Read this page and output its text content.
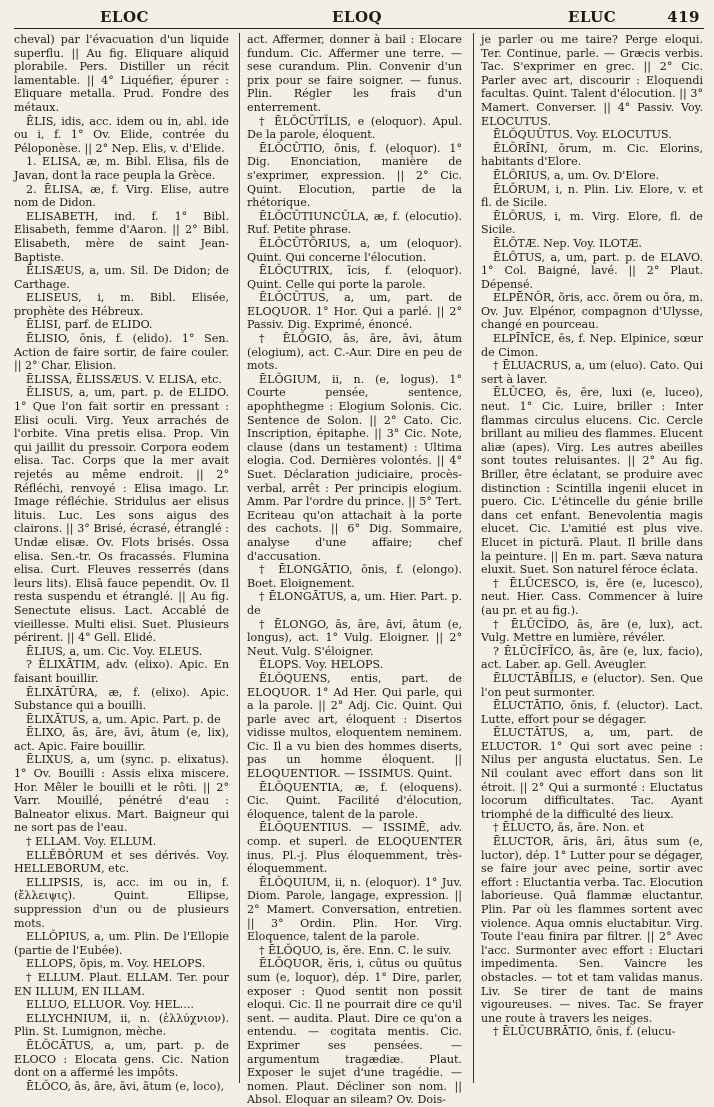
ELOC	ELOQ	ELUC	419

cheval) par l'évacuation d'un liquide superflu. || Au fig. Eliquare aliquid plorabile. Pers. Distiller un récit lamentable. || 4° Liquéfier, épurer : Eliquare metalla. Prud. Fondre des métaux.

ĒLIS, idis, acc. idem ou in, abl. ide ou i, f. 1° Ov. Elide, contrée du Péloponèse. || 2° Nep. Elis, v. d'Elide.

1. ELISA, æ, m. Bibl. Elisa, fils de Javan, dont la race peupla la Grèce.

2. ĒLISA, æ, f. Virg. Elise, autre nom de Didon.

ELISABETH, ind. f. 1° Bibl. Elisabeth, femme d'Aaron. || 2° Bibl. Elisabeth, mère de saint Jean-Baptiste.

ĒLISÆUS, a, um. Sil. De Didon; de Carthage.

ELISEUS, i, m. Bibl. Elisée, prophète des Hébreux.

ĒLISI, parf. de ELIDO.

ĒLISIO, ōnis, f. (elido). 1° Sen. Action de faire sortir, de faire couler. || 2° Char. Elision.

ĒLISSA, ĒLISSÆUS. V. ELISA, etc.

ĒLISUS, a, um, part. p. de ELIDO. 1° Que l'on fait sortir en pressant : Elisi oculi. Virg. Yeux arrachés de l'orbite. Vina pretis elisa. Prop. Vin qui jaillit du pressoir. Corpora eodem elisa. Tac. Corps que la mer avait rejetés au même endroit. || 2° Réfléchi, renvoyé : Elisa imago. Lr. Image réfléchie. Stridulus aer elisus lituis. Luc. Les sons aigus des clairons. || 3° Brisé, écrasé, étranglé : Undæ elisæ. Ov. Flots brisés. Ossa elisa. Sen.-tr. Os fracassés. Flumina elisa. Curt. Fleuves resserrés (dans leurs lits). Elisā fauce pependit. Ov. Il resta suspendu et étranglé. || Au fig. Senectute elisus. Lact. Accablé de vieillesse. Multi elisi. Suet. Plusieurs périrent. || 4° Gell. Elidé.

ĒLIUS, a, um. Cic. Voy. ELEUS.

? ĒLIXĀTIM, adv. (elixo). Apic. En faisant bouillir.

ĒLIXĀTŪRA, æ, f. (elixo). Apic. Substance qui a bouilli.

ĒLIXĀTUS, a, um. Apic. Part. p. de

ĒLIXO, ās, āre, āvi, ātum (e, lix), act. Apic. Faire bouillir.

ĒLIXUS, a, um (sync. p. elixatus). 1° Ov. Bouilli : Assis elixa miscere. Hor. Mêler le bouilli et le rôti. || 2° Varr. Mouillé, pénétré d'eau : Balneator elixus. Mart. Baigneur qui ne sort pas de l'eau.

† ELLAM. Voy. ELLUM.

ELLĔBŎRUM et ses dérivés. Voy. HELLEBORUM, etc.

ELLIPSIS, is, acc. im ou in, f. (ἔλλειψις). Quint. Ellipse, suppression d'un ou de plusieurs mots.

ELLŎPIUS, a, um. Plin. De l'Ellopie (partie de l'Eubée).

ELLOPS, ŏpis, m. Voy. HELOPS.

† ELLUM. Plaut. ELLAM. Ter. pour EN ILLUM, EN ILLAM.

ELLUO, ELLUOR. Voy. HEL....

ELLYCHNIUM, ii, n. (ἐλλύχνιον). Plin. St. Lumignon, mèche.

ĒLŎCĀTUS, a, um, part. p. de ELOCO : Elocata gens. Cic. Nation dont on a affermé les impôts.

ĒLŎCO, ās, āre, āvi, ātum (e, loco),

act. Affermer, donner à bail : Elocare fundum. Cic. Affermer une terre. — sese curandum. Plin. Convenir d'un prix pour se faire soigner. — funus. Plin. Régler les frais d'un enterrement.

† ĒLŎCŪTĬLIS, e (eloquor). Apul. De la parole, éloquent.

ĒLŎCŪTIO, ōnis, f. (eloquor). 1° Dig. Enonciation, manière de s'exprimer, expression. || 2° Cic. Quint. Elocution, partie de la rhétorique.

ĒLŎCŪTIUNCŬLA, æ, f. (elocutio). Ruf. Petite phrase.

ĒLŎCŪTŌRIUS, a, um (eloquor). Quint. Qui concerne l'élocution.

ĒLŎCUTRIX, īcis, f. (eloquor). Quint. Celle qui porte la parole.

ĒLŎCŪTUS, a, um, part. de ELOQUOR. 1° Hor. Qui a parlé. || 2° Passiv. Dig. Exprimé, énoncé.

† ĒLŎGIO, ās, āre, āvi, ātum (elogium), act. C.-Aur. Dire en peu de mots.

ĒLŎGIUM, ii, n. (e, logus). 1° Courte pensée, sentence, apophthegme : Elogium Solonis. Cic. Sentence de Solon. || 2° Cato. Cic. Inscription, épitaphe. || 3° Cic. Note, clause (dans un testament) : Ultima elogia. Cod. Dernières volontés. || 4° Suet. Déclaration judiciaire, procès-verbal, arrêt : Per principis elogium. Amm. Par l'ordre du prince. || 5° Tert. Ecriteau qu'on attachait à la porte des cachots. || 6° Dig. Sommaire, analyse d'une affaire; chef d'accusation.

† ĒLONGĀTIO, ōnis, f. (elongo). Boet. Eloignement.

† ĒLONGĀTUS, a, um. Hier. Part. p. de

† ĒLONGO, ās, āre, āvi, ātum (e, longus), act. 1° Vulg. Eloigner. || 2° Neut. Vulg. S'éloigner.

ĒLOPS. Voy. HELOPS.

ĒLŎQUENS, entis, part. de ELOQUOR. 1° Ad Her. Qui parle, qui a la parole. || 2° Adj. Cic. Quint. Qui parle avec art, éloquent : Disertos vidisse multos, eloquentem neminem. Cic. Il a vu bien des hommes diserts, pas un homme éloquent. || ELOQUENTIOR. — ISSIMUS. Quint.

ĒLŎQUENTIA, æ, f. (eloquens). Cic. Quint. Facilité d'élocution, éloquence, talent de la parole.

ĒLŎQUENTIUS. — ISSIMĒ, adv. comp. et superl. de ELOQUENTER inus. Pl.-j. Plus éloquemment, très-éloquemment.

ĒLŎQUIUM, ii, n. (eloquor). 1° Juv. Diom. Parole, langage, expression. || 2° Mamert. Conversation, entretien. || 3° Ordin. Plin. Hor. Virg. Eloquence, talent de la parole.

† ĒLŎQUO, is, ĕre. Enn. C. le suiv.

ĒLŎQUOR, ĕris, i, cūtus ou quūtus sum (e, loquor), dép. 1° Dire, parler, exposer : Quod sentit non possit eloqui. Cic. Il ne pourrait dire ce qu'il sent. — audita. Plaut. Dire ce qu'on a entendu. — cogitata mentis. Cic. Exprimer ses pensées. — argumentum tragædiæ. Plaut. Exposer le sujet d'une tragédie. — nomen. Plaut. Décliner son nom. || Absol. Eloquar an sileam? Ov. Dois-

je parler ou me taire? Perge eloqui. Ter. Continue, parle. — Græcis verbis. Tac. S'exprimer en grec. || 2° Cic. Parler avec art, discourir : Eloquendi facultas. Quint. Talent d'élocution. || 3° Mamert. Converser. || 4° Passiv. Voy. ELOCUTUS.

ĒLŎQUŪTUS. Voy. ELOCUTUS.

ĒLŌRĪNI, ōrum, m. Cic. Elorins, habitants d'Elore.

ĒLŌRIUS, a, um. Ov. D'Elore.

ĒLŌRUM, i, n. Plin. Liv. Elore, v. et fl. de Sicile.

ĒLŌRUS, i, m. Virg. Elore, fl. de Sicile.

ĒLŌTÆ. Nep. Voy. ILOTÆ.

ĒLŌTUS, a, um, part. p. de ELAVO. 1° Col. Baigné, lavé. || 2° Plaut. Dépensé.

ELPĒNŎR, ŏris, acc. ŏrem ou ŏra, m. Ov. Juv. Elpénor, compagnon d'Ulysse, changé en pourceau.

ELPĪNĪCE, ēs, f. Nep. Elpinice, sœur de Cimon.

† ĒLUACRUS, a, um (eluo). Cato. Qui sert à laver.

ĒLŪCEO, ēs, ēre, luxi (e, luceo), neut. 1° Cic. Luire, briller : Inter flammas circulus elucens. Cic. Cercle brillant au milieu des flammes. Elucent aliæ (apes). Virg. Les autres abeilles sont toutes reluisantes. || 2° Au fig. Briller, être éclatant, se produire avec distinction : Scintilla ingenii elucet in puero. Cic. L'étincelle du génie brille dans cet enfant. Benevolentia magis elucet. Cic. L'amitié est plus vive. Elucet in picturā. Plaut. Il brille dans la peinture. || En m. part. Sæva natura eluxit. Suet. Son naturel féroce éclata.

† ĒLŪCESCO, is, ĕre (e, lucesco), neut. Hier. Cass. Commencer à luire (au pr. et au fig.).

† ĒLŪCĬDO, ās, āre (e, lux), act. Vulg. Mettre en lumière, révéler.

? ĒLŪCĬFĬCO, ās, āre (e, lux, facio), act. Laber. ap. Gell. Aveugler.

ĒLUCTĀBĬLIS, e (eluctor). Sen. Que l'on peut surmonter.

ĒLUCTĀTIO, ōnis, f. (eluctor). Lact. Lutte, effort pour se dégager.

ĒLUCTĀTUS, a, um, part. de ELUCTOR. 1° Qui sort avec peine : Nilus per angusta eluctatus. Sen. Le Nil coulant avec effort dans son lit étroit. || 2° Qui a surmonté : Eluctatus locorum difficultates. Tac. Ayant triomphé de la difficulté des lieux.

† ĒLUCTO, ās, āre. Non. et

ĒLUCTOR, āris, āri, ātus sum (e, luctor), dép. 1° Lutter pour se dégager, se faire jour avec peine, sortir avec effort : Eluctantia verba. Tac. Elocution laborieuse. Quā flammæ eluctantur. Plin. Par où les flammes sortent avec violence. Aqua omnis eluctabitur. Virg. Toute l'eau finira par filtrer. || 2° Avec l'acc. Surmonter avec effort : Eluctari impedimenta. Sen. Vaincre les obstacles. — tot et tam validas manus. Liv. Se tirer de tant de mains vigoureuses. — nives. Tac. Se frayer une route à travers les neiges.

† ĒLŪCUBRĀTIO, ōnis, f. (elucu-
